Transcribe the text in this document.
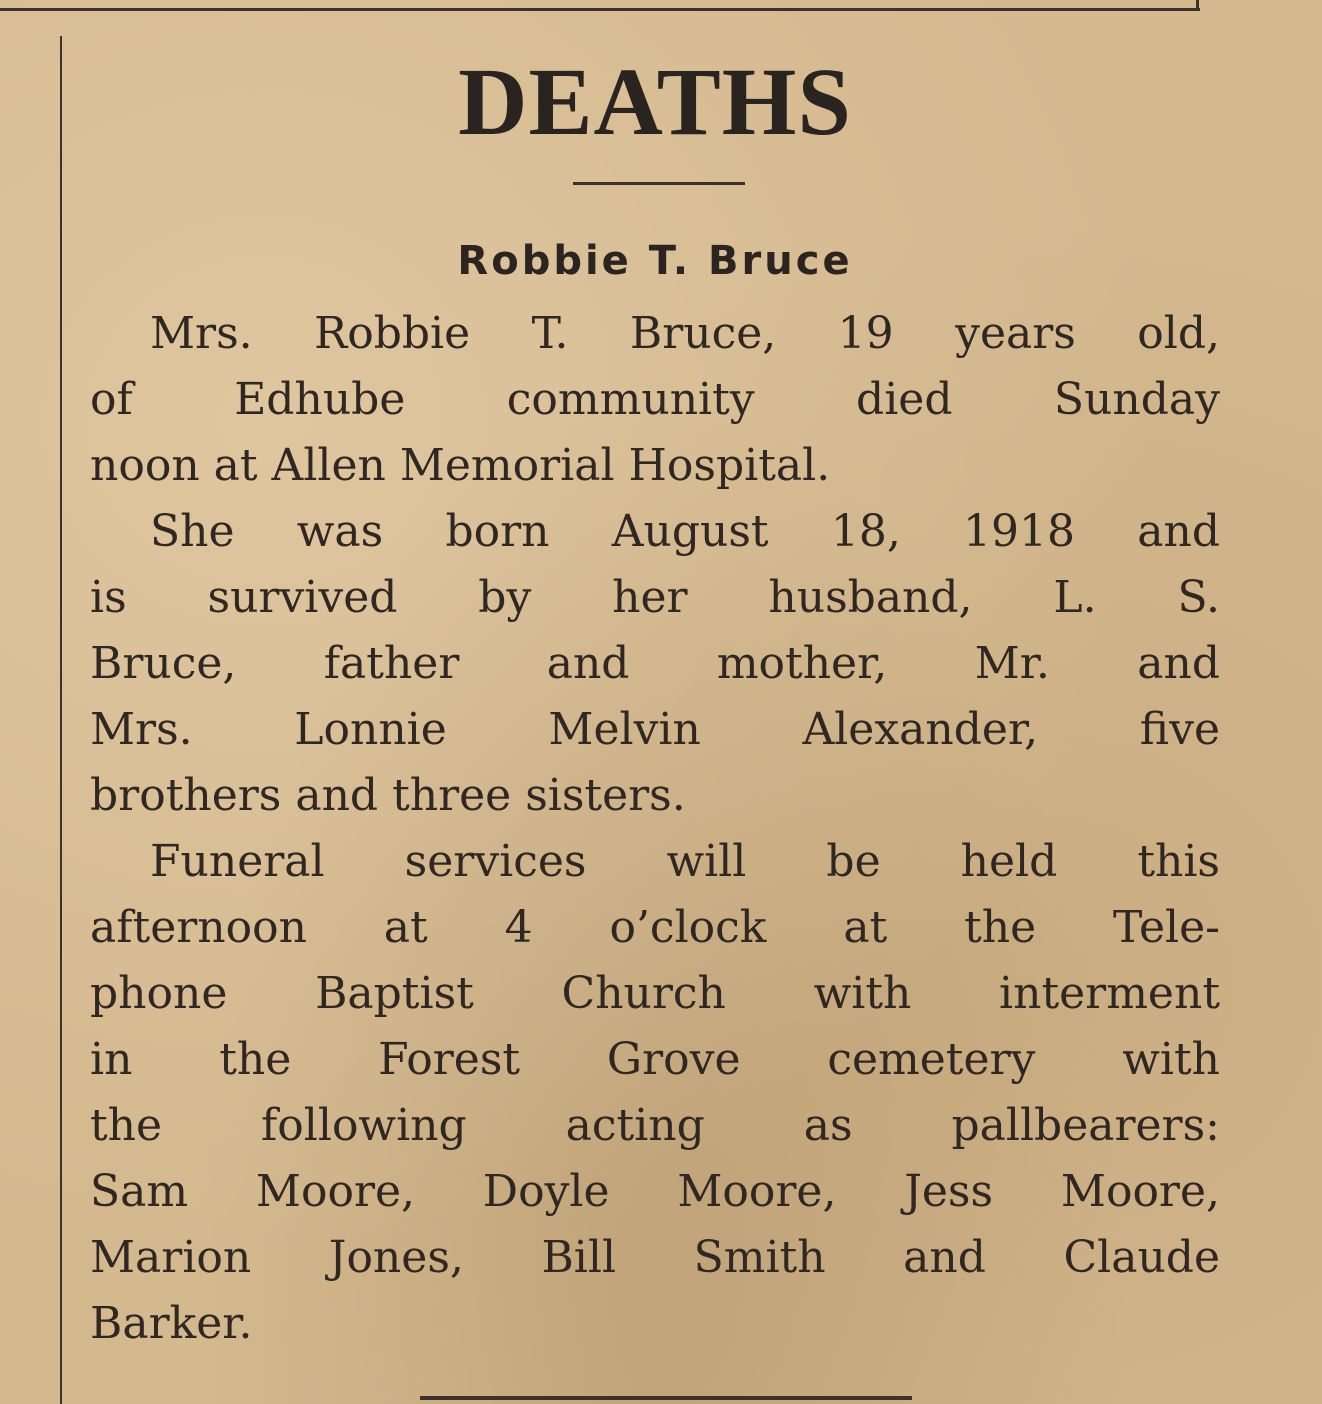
DEATHS
Robbie T. Bruce
Mrs. Robbie T. Bruce, 19 years old,
of Edhube community died Sunday
noon at Allen Memorial Hospital.
She was born August 18, 1918 and
is survived by her husband, L. S.
Bruce, father and mother, Mr. and
Mrs. Lonnie Melvin Alexander, five
brothers and three sisters.
Funeral services will be held this
afternoon at 4 o’clock at the Tele-
phone Baptist Church with interment
in the Forest Grove cemetery with
the following acting as pallbearers:
Sam Moore, Doyle Moore, Jess Moore,
Marion Jones, Bill Smith and Claude
Barker.
